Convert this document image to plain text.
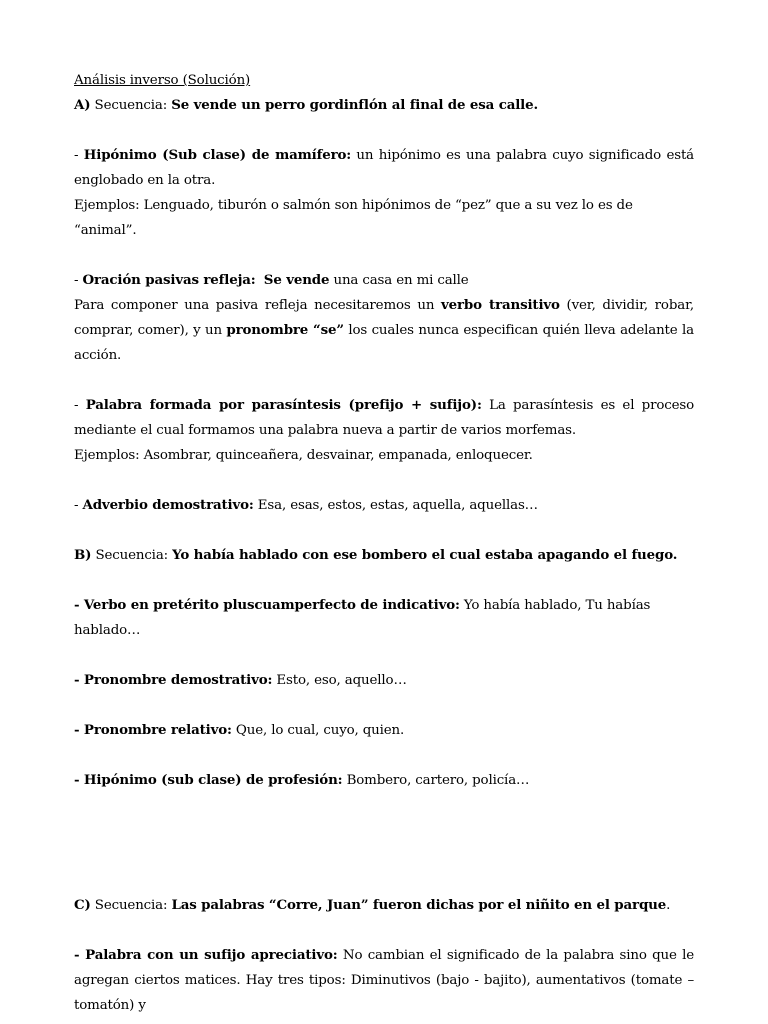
Análisis inverso (Solución)

A) Secuencia: Se vende un perro gordinflón al final de esa calle.

- Hipónimo (Sub clase) de mamífero: un hipónimo es una palabra cuyo significado está englobado en la otra.

Ejemplos: Lenguado, tiburón o salmón son hipónimos de “pez” que a su vez lo es de “animal”.

- Oración pasivas refleja: Se vende una casa en mi calle

Para componer una pasiva refleja necesitaremos un verbo transitivo (ver, dividir, robar, comprar, comer), y un pronombre “se” los cuales nunca especifican quién lleva adelante la acción.

- Palabra formada por parasíntesis (prefijo + sufijo): La parasíntesis es el proceso mediante el cual formamos una palabra nueva a partir de varios morfemas.

Ejemplos: Asombrar, quinceañera, desvainar, empanada, enloquecer.

- Adverbio demostrativo: Esa, esas, estos, estas, aquella, aquellas…

B) Secuencia: Yo había hablado con ese bombero el cual estaba apagando el fuego.

- Verbo en pretérito pluscuamperfecto de indicativo: Yo había hablado, Tu habías hablado…

- Pronombre demostrativo: Esto, eso, aquello…

- Pronombre relativo: Que, lo cual, cuyo, quien.

- Hipónimo (sub clase) de profesión: Bombero, cartero, policía…

C) Secuencia: Las palabras “Corre, Juan” fueron dichas por el niñito en el parque.

- Palabra con un sufijo apreciativo: No cambian el significado de la palabra sino que le agregan ciertos matices. Hay tres tipos: Diminutivos (bajo - bajito), aumentativos (tomate – tomatón) y
